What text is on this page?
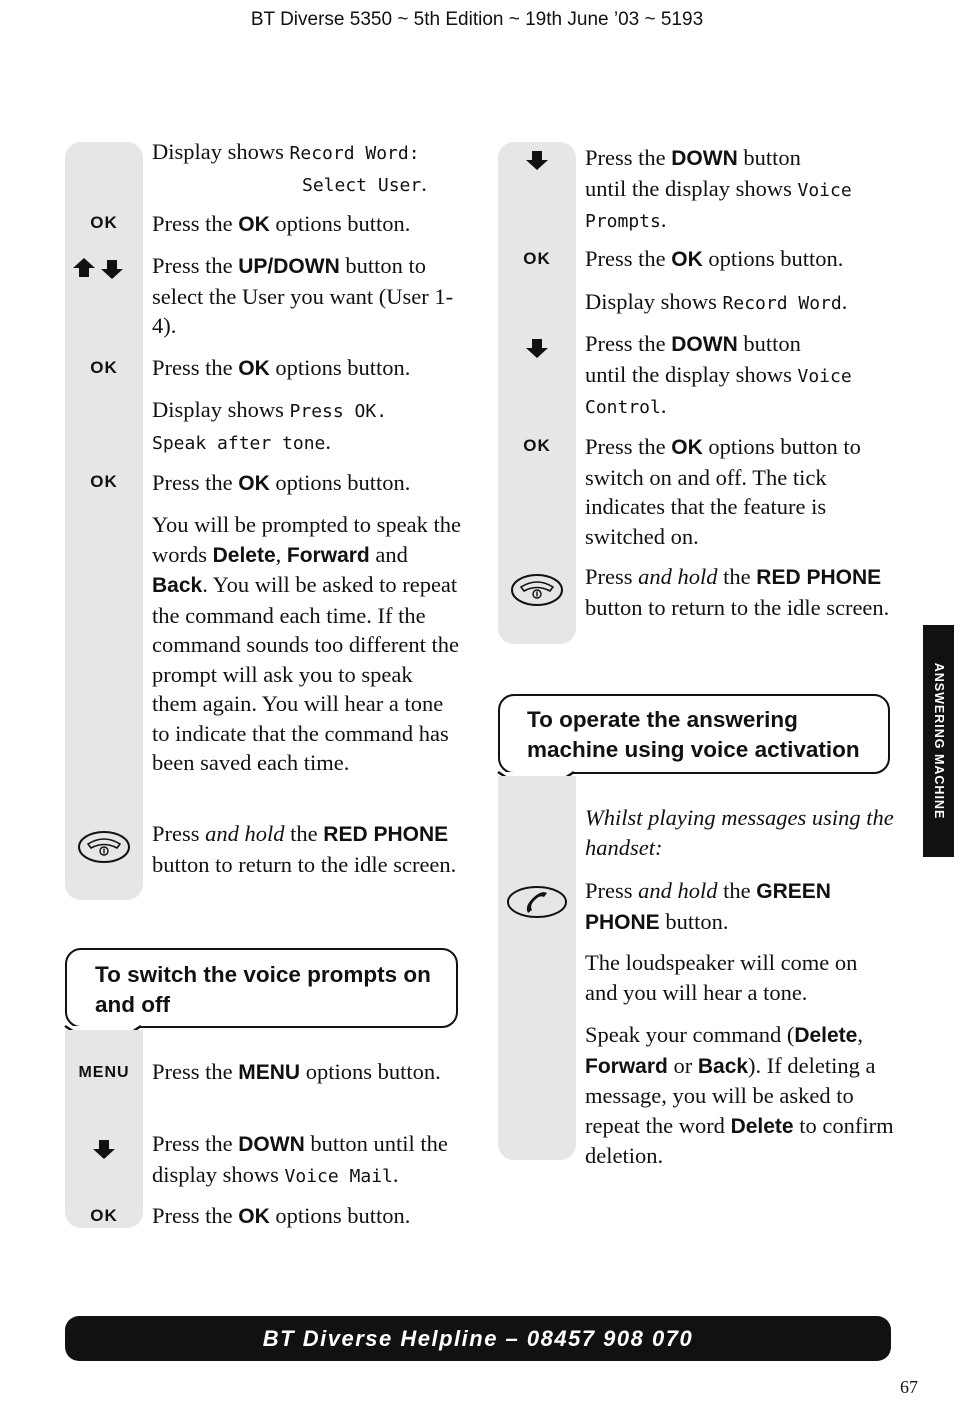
BT Diverse 5350 ~ 5th Edition ~ 19th June ’03 ~ 5193
Display shows Record Word:
Select User.
OK	Press the OK options button.
Press the UP/DOWN button to select the User you want (User 1-4).
OK	Press the OK options button.
Display shows Press OK.
Speak after tone.
OK	Press the OK options button.
You will be prompted to speak the words Delete, Forward and Back. You will be asked to repeat the command each time. If the command sounds too different the prompt will ask you to speak them again. You will hear a tone to indicate that the command has been saved each time.
Press and hold the RED PHONE button to return to the idle screen.
To switch the voice prompts on and off
MENU Press the MENU options button.
Press the DOWN button until the display shows Voice Mail.
OK	Press the OK options button.
Press the DOWN button
until the display shows Voice Prompts.
OK	Press the OK options button.
Display shows Record Word.
Press the DOWN button
until the display shows Voice Control.
OK	Press the OK options button to switch on and off. The tick indicates that the feature is switched on.
Press and hold the RED PHONE button to return to the idle screen.
To operate the answering machine using voice activation
Whilst playing messages using the handset:
Press and hold the GREEN PHONE button.
The loudspeaker will come on and you will hear a tone.
Speak your command (Delete, Forward or Back). If deleting a message, you will be asked to repeat the word Delete to confirm deletion.
ANSWERING MACHINE
BT Diverse Helpline – 08457 908 070
67
